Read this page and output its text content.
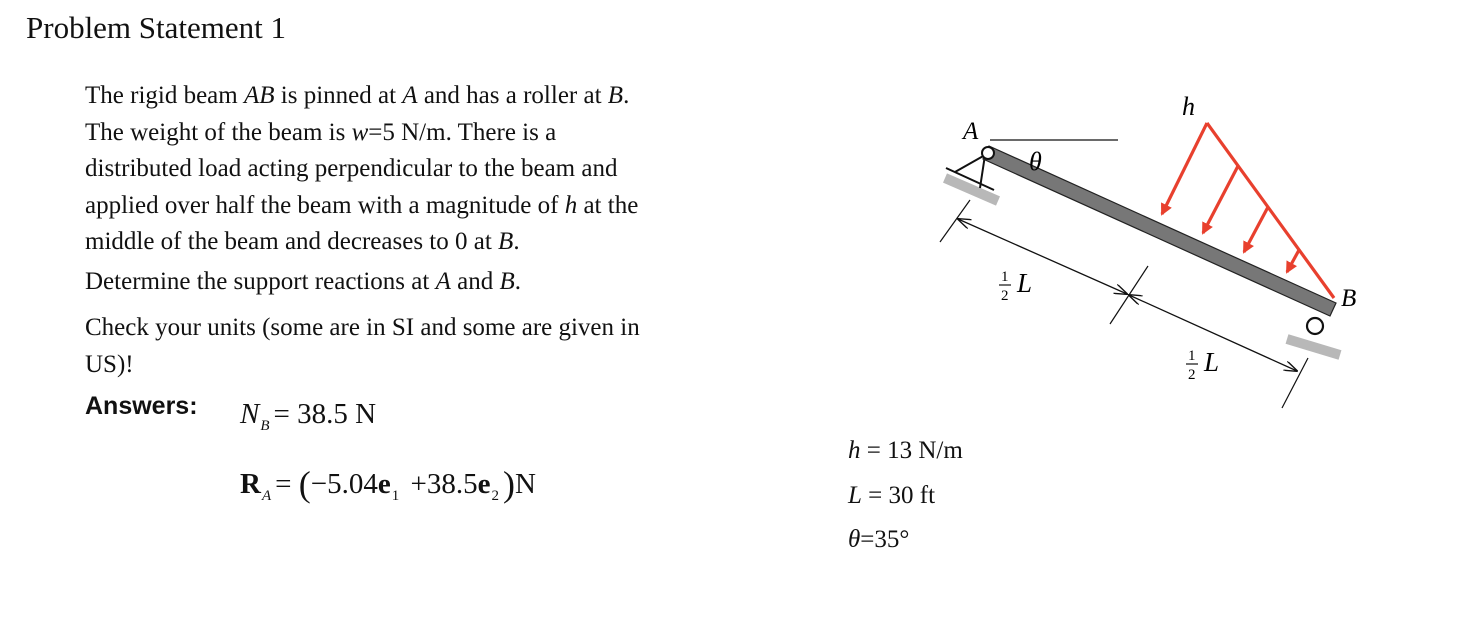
Problem Statement 1
The rigid beam AB is pinned at A and has a roller at B.
The weight of the beam is w=5 N/m. There is a
distributed load acting perpendicular to the beam and
applied over half the beam with a magnitude of h at the
middle of the beam and decreases to 0 at B.
Determine the support reactions at A and B.
Check your units (some are in SI and some are given in
US)!
Answers: $N_B = 38.5$ N
$R_A = (-5.04e_1 +38.5e_2$ )N
h = 13 N/m
L = 30 ft
θ=35°
A
B
h
θ
1
2 L
1
2 L
